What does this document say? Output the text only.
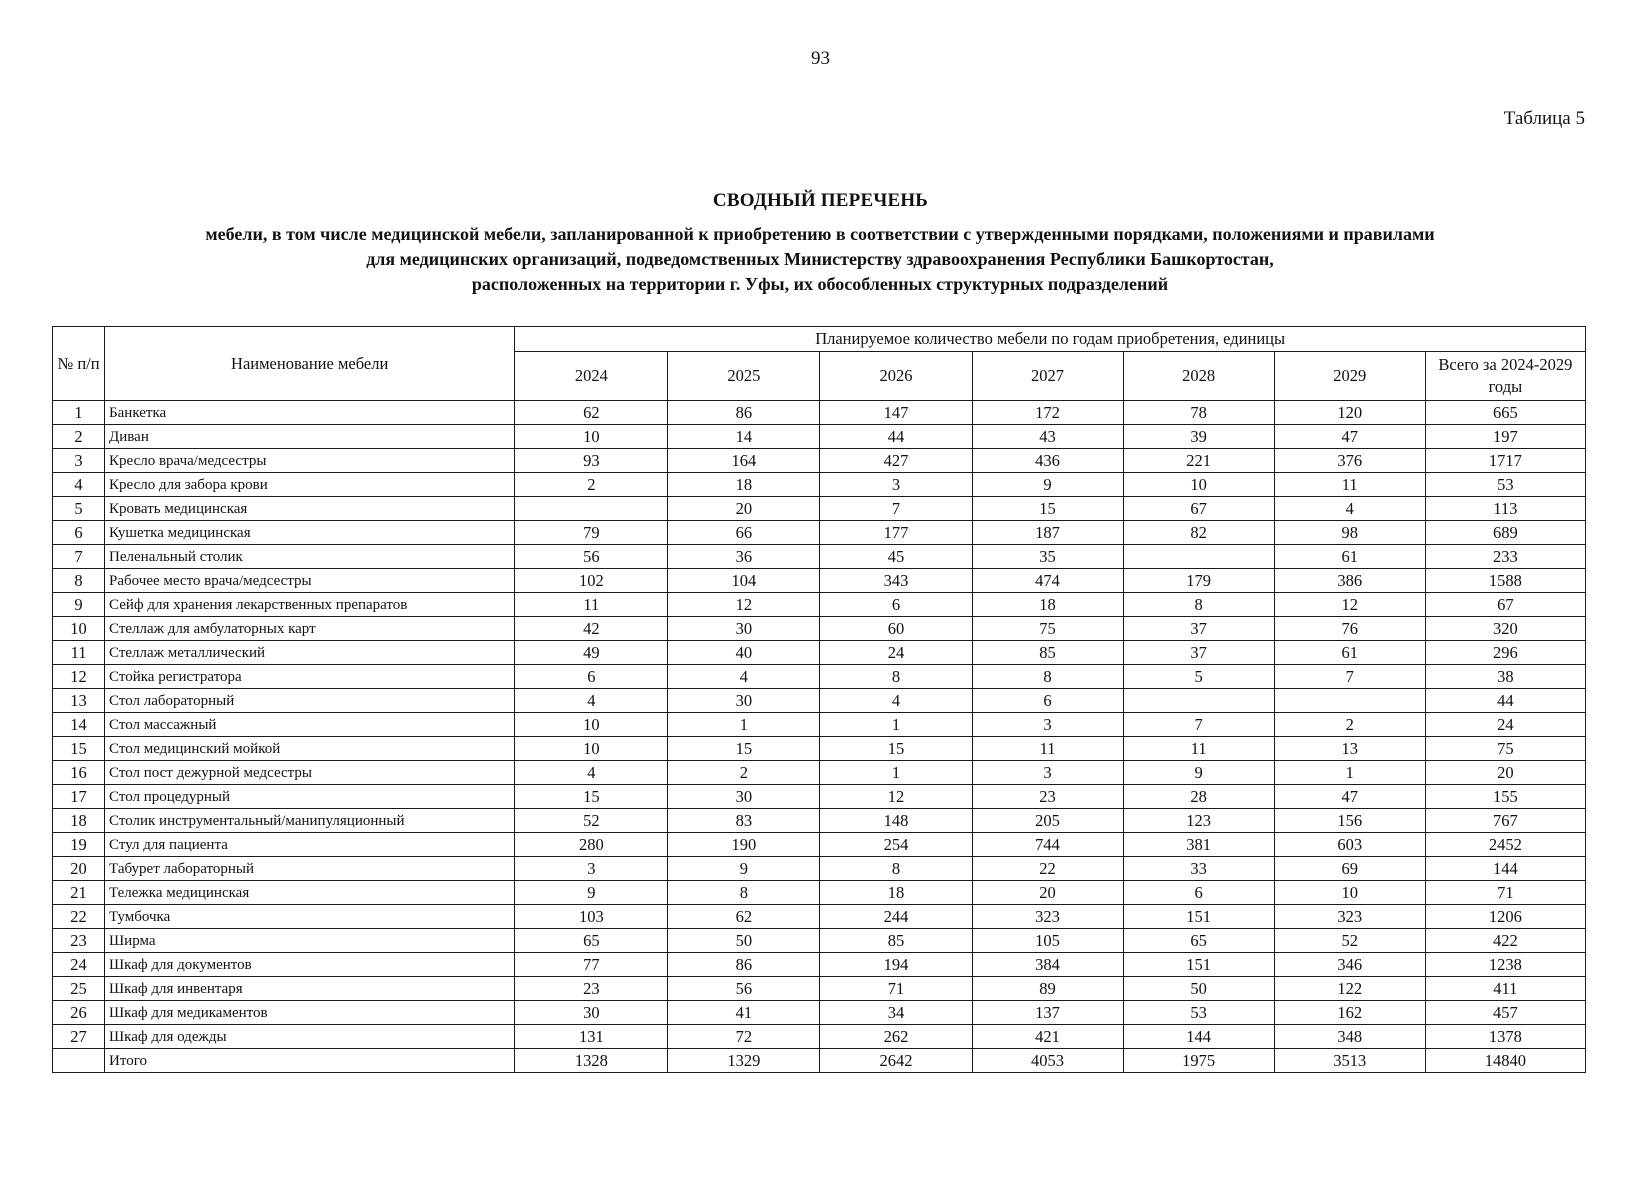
93
Таблица 5
СВОДНЫЙ ПЕРЕЧЕНЬ
мебели, в том числе медицинской мебели, запланированной к приобретению в соответствии с утвержденными порядками, положениями и правилами
для медицинских организаций, подведомственных Министерству здравоохранения Республики Башкортостан,
расположенных на территории г. Уфы, их обособленных структурных подразделений
№ п/п	Наименование мебели	Планируемое количество мебели по годам приобретения, единицы						
		2024	2025	2026	2027	2028	2029	Всего за 2024-2029 годы
1	Банкетка	62	86	147	172	78	120	665
2	Диван	10	14	44	43	39	47	197
3	Кресло врача/медсестры	93	164	427	436	221	376	1717
4	Кресло для забора крови	2	18	3	9	10	11	53
5	Кровать медицинская		20	7	15	67	4	113
6	Кушетка медицинская	79	66	177	187	82	98	689
7	Пеленальный столик	56	36	45	35		61	233
8	Рабочее место врача/медсестры	102	104	343	474	179	386	1588
9	Сейф для хранения лекарственных препаратов	11	12	6	18	8	12	67
10	Стеллаж для амбулаторных карт	42	30	60	75	37	76	320
11	Стеллаж металлический	49	40	24	85	37	61	296
12	Стойка регистратора	6	4	8	8	5	7	38
13	Стол лабораторный	4	30	4	6			44
14	Стол массажный	10	1	1	3	7	2	24
15	Стол медицинский мойкой	10	15	15	11	11	13	75
16	Стол пост дежурной медсестры	4	2	1	3	9	1	20
17	Стол процедурный	15	30	12	23	28	47	155
18	Столик инструментальный/манипуляционный	52	83	148	205	123	156	767
19	Стул для пациента	280	190	254	744	381	603	2452
20	Табурет лабораторный	3	9	8	22	33	69	144
21	Тележка медицинская	9	8	18	20	6	10	71
22	Тумбочка	103	62	244	323	151	323	1206
23	Ширма	65	50	85	105	65	52	422
24	Шкаф для документов	77	86	194	384	151	346	1238
25	Шкаф для инвентаря	23	56	71	89	50	122	411
26	Шкаф для медикаментов	30	41	34	137	53	162	457
27	Шкаф для одежды	131	72	262	421	144	348	1378
	Итого	1328	1329	2642	4053	1975	3513	14840
